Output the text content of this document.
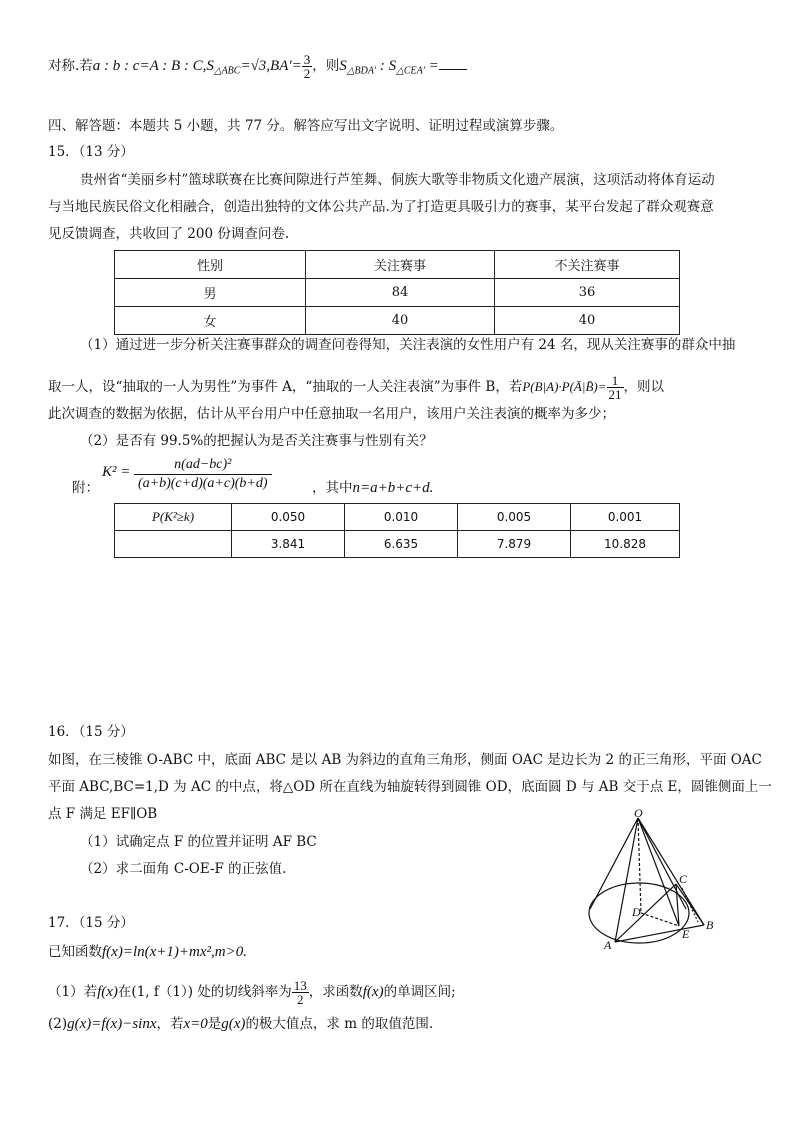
对称.若a : b : c=A : B : $C,S_{\triangle ABC}=√3,BA'= \frac{3}{2}$ ，则$S_{\triangle BDA'}$ : $S_{\triangle CEA'}$ =
四、解答题：本题共 5 小题，共 77 分。解答应写出文字说明、证明过程或演算步骤。
15．（13 分）
贵州省“美丽乡村”篮球联赛在比赛间隙进行芦笙舞、侗族大歌等非物质文化遗产展演，这项活动将体育运动
与当地民族民俗文化相融合，创造出独特的文体公共产品.为了打造更具吸引力的赛事，某平台发起了群众观赛意
见反馈调查，共收回了 200 份调查问卷.
性别	关注赛事	不关注赛事
男	84	36
女	40	40
（1）通过进一步分析关注赛事群众的调查问卷得知，关注表演的女性用户有 24 名，现从关注赛事的群众中抽
取一人，设“抽取的一人为男性”为事件 A，“抽取的一人关注表演”为事件 B，若P(B|A)·P(Ā|B̄)= $\frac{1}{21}$ ，则以
此次调查的数据为依据，估计从平台用户中任意抽取一名用户，该用户关注表演的概率为多少；
（2）是否有 99.5%的把握认为是否关注赛事与性别有关？
附：
$K^2 = \frac{\text{n(ad−bc)²}}{(a+b)(c+d)(a+c)(b+d)}$	，其中n=a+b+c+d.
P(K²≥k)	0.050	0.010	0.005	0.001
	3.841	6.635	7.879	10.828
16．（15 分）
如图，在三棱锥 O-ABC 中，底面 ABC 是以 AB 为斜边的直角三角形，侧面 OAC 是边长为 2 的正三角形，平面 OAC
平面 ABC,BC=1,D 为 AC 的中点，将△OD 所在直线为轴旋转得到圆锥 OD，底面圆 D 与 AB 交于点 E，圆锥侧面上一
点 F 满足 EF∥OB
（1）试确定点 F 的位置并证明 AF BC
（2）求二面角 C-OE-F 的正弦值.
O
C
D
A
E
B
17．（15 分）
已知函数f(x)=ln(x+1)+mx²,m>0.
（1）若f(x)在(1, f（1）) 处的切线斜率为 $\frac{13}{2}$ ，求函数f(x)的单调区间;
(2)g(x)=f(x)−sinx，若x=0是g(x)的极大值点，求 m 的取值范围.
